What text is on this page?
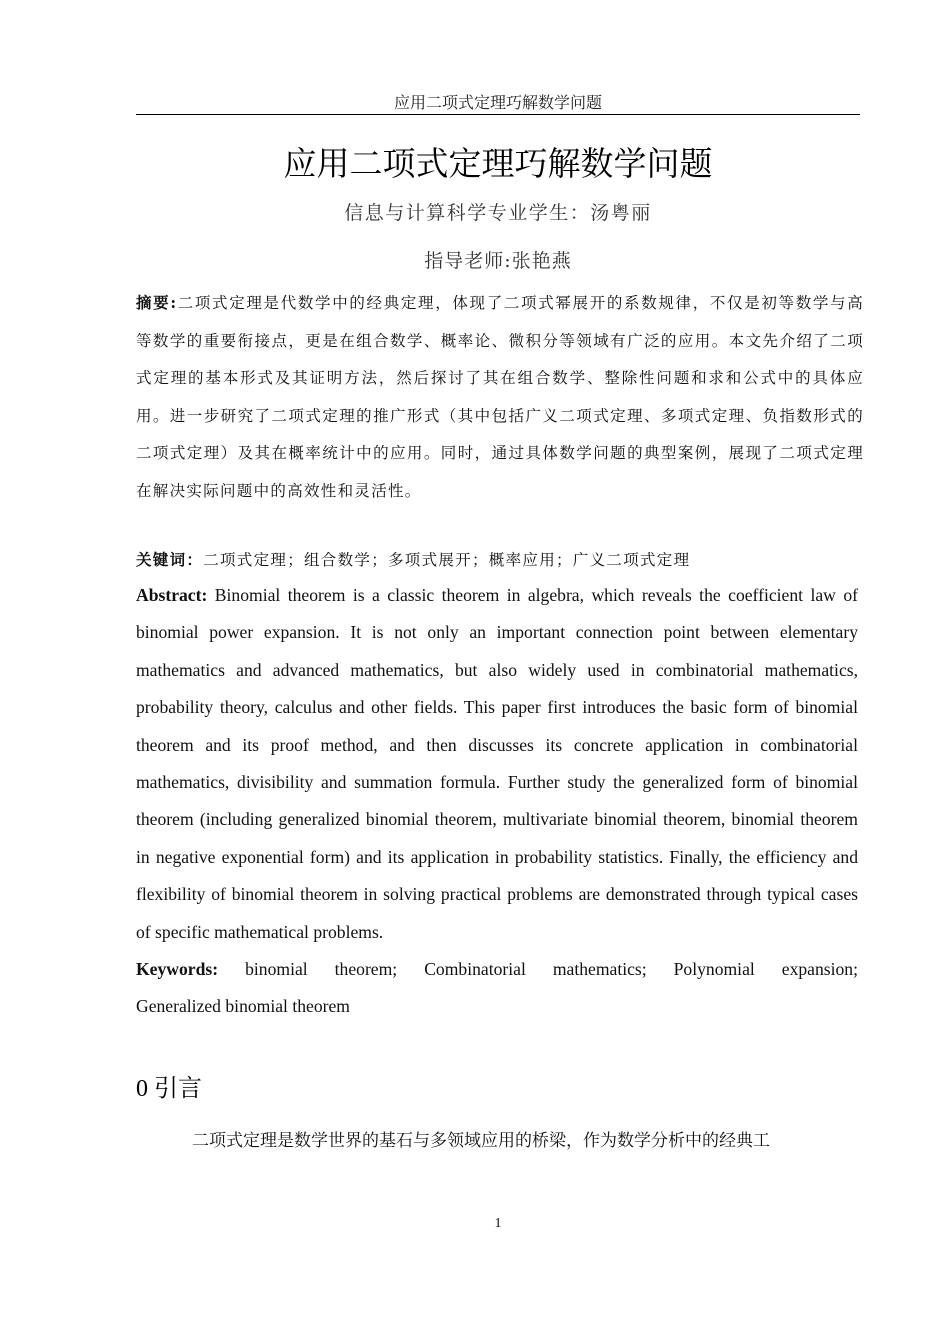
应用二项式定理巧解数学问题
应用二项式定理巧解数学问题
信息与计算科学专业学生：汤粤丽
指导老师:张艳燕
摘要:二项式定理是代数学中的经典定理，体现了二项式幂展开的系数规律，不仅是初等数学与高等数学的重要衔接点，更是在组合数学、概率论、微积分等领域有广泛的应用。本文先介绍了二项式定理的基本形式及其证明方法，然后探讨了其在组合数学、整除性问题和求和公式中的具体应用。进一步研究了二项式定理的推广形式（其中包括广义二项式定理、多项式定理、负指数形式的二项式定理）及其在概率统计中的应用。同时，通过具体数学问题的典型案例，展现了二项式定理在解决实际问题中的高效性和灵活性。
关键词：二项式定理；组合数学；多项式展开；概率应用；广义二项式定理
Abstract: Binomial theorem is a classic theorem in algebra, which reveals the coefficient law of binomial power expansion. It is not only an important connection point between elementary mathematics and advanced mathematics, but also widely used in combinatorial mathematics, probability theory, calculus and other fields. This paper first introduces the basic form of binomial theorem and its proof method, and then discusses its concrete application in combinatorial mathematics, divisibility and summation formula. Further study the generalized form of binomial theorem (including generalized binomial theorem, multivariate binomial theorem, binomial theorem in negative exponential form) and its application in probability statistics. Finally, the efficiency and flexibility of binomial theorem in solving practical problems are demonstrated through typical cases of specific mathematical problems.
Keywords: binomial theorem; Combinatorial mathematics; Polynomial expansion;
Generalized binomial theorem
0 引言
二项式定理是数学世界的基石与多领域应用的桥梁，作为数学分析中的经典工
1
